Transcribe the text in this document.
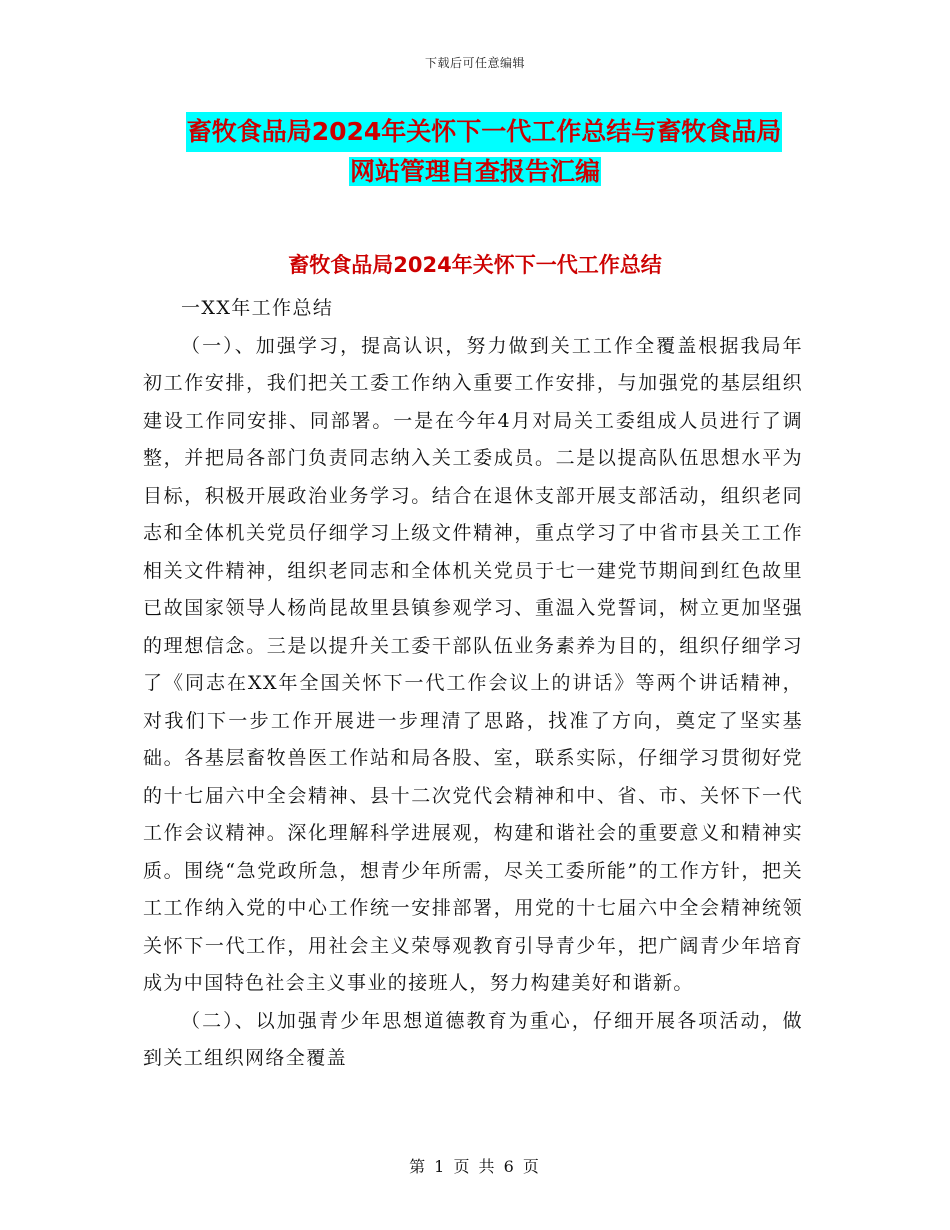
下载后可任意编辑
畜牧食品局2024年关怀下一代工作总结与畜牧食品局
网站管理自查报告汇编
畜牧食品局2024年关怀下一代工作总结

一XX年工作总结

（一）、加强学习，提高认识，努力做到关工工作全覆盖根据我局年初工作安排，我们把关工委工作纳入重要工作安排，与加强党的基层组织建设工作同安排、同部署。一是在今年4月对局关工委组成人员进行了调整，并把局各部门负责同志纳入关工委成员。二是以提高队伍思想水平为目标，积极开展政治业务学习。结合在退休支部开展支部活动，组织老同志和全体机关党员仔细学习上级文件精神，重点学习了中省市县关工工作相关文件精神，组织老同志和全体机关党员于七一建党节期间到红色故里已故国家领导人杨尚昆故里县镇参观学习、重温入党誓词，树立更加坚强的理想信念。三是以提升关工委干部队伍业务素养为目的，组织仔细学习了《同志在XX年全国关怀下一代工作会议上的讲话》等两个讲话精神，对我们下一步工作开展进一步理清了思路，找准了方向，奠定了坚实基础。各基层畜牧兽医工作站和局各股、室，联系实际，仔细学习贯彻好党的十七届六中全会精神、县十二次党代会精神和中、省、市、关怀下一代工作会议精神。深化理解科学进展观，构建和谐社会的重要意义和精神实质。围绕“急党政所急，想青少年所需，尽关工委所能”的工作方针，把关工工作纳入党的中心工作统一安排部署，用党的十七届六中全会精神统领关怀下一代工作，用社会主义荣辱观教育引导青少年，把广阔青少年培育成为中国特色社会主义事业的接班人，努力构建美好和谐新。

（二）、以加强青少年思想道德教育为重心，仔细开展各项活动，做到关工组织网络全覆盖

第 1 页 共 6 页
